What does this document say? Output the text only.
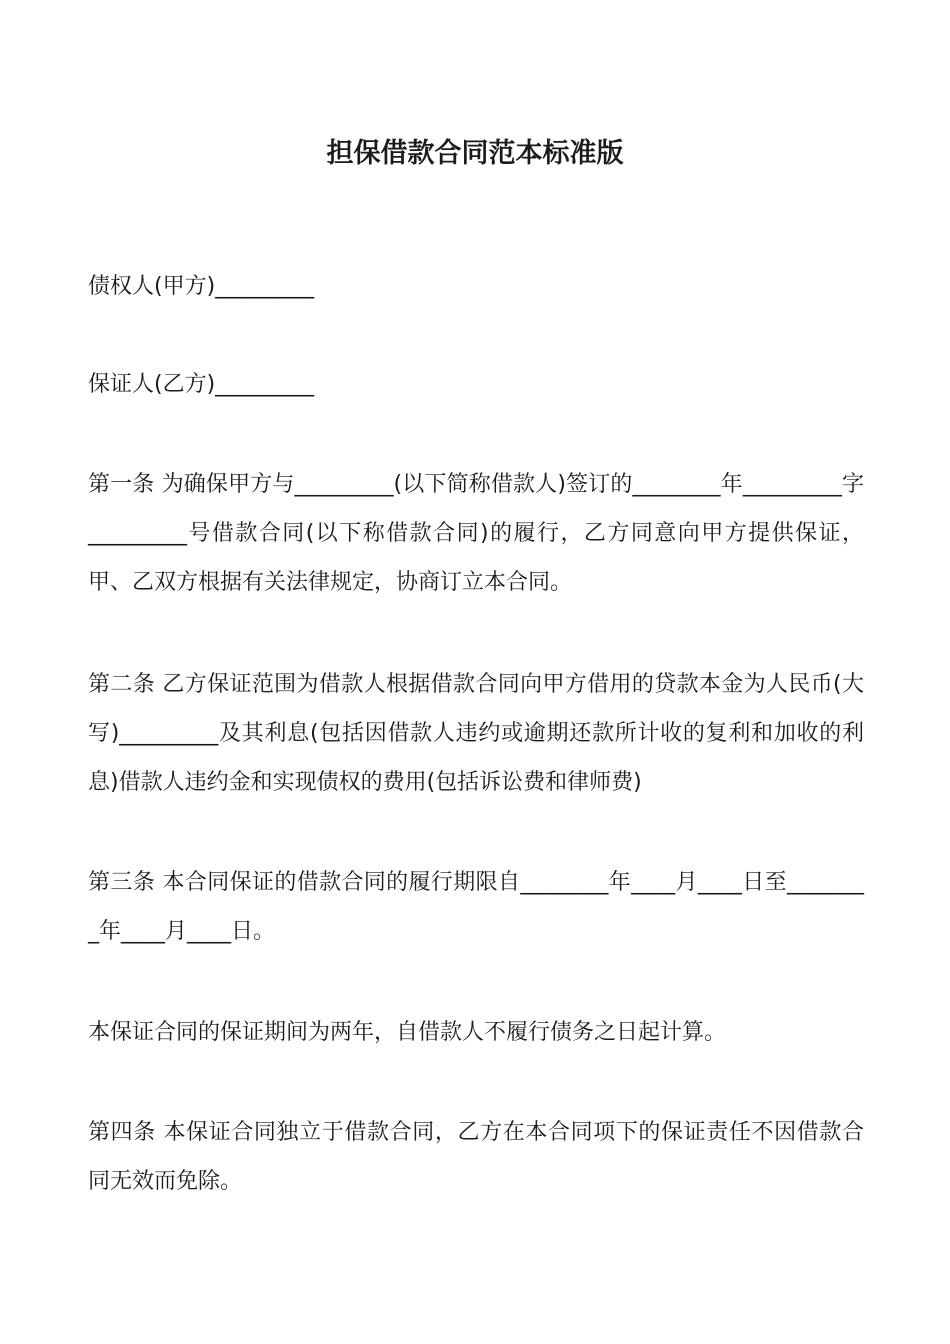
担保借款合同范本标准版

债权人(甲方)_________

保证人(乙方)_________

第一条 为确保甲方与_________(以下简称借款人)签订的________年_________字_________号借款合同(以下称借款合同)的履行，乙方同意向甲方提供保证，甲、乙双方根据有关法律规定，协商订立本合同。

第二条 乙方保证范围为借款人根据借款合同向甲方借用的贷款本金为人民币(大写)_________及其利息(包括因借款人违约或逾期还款所计收的复利和加收的利息)借款人违约金和实现债权的费用(包括诉讼费和律师费)

第三条 本合同保证的借款合同的履行期限自________年____月____日至________年____月____日。

本保证合同的保证期间为两年，自借款人不履行债务之日起计算。

第四条 本保证合同独立于借款合同，乙方在本合同项下的保证责任不因借款合同无效而免除。
